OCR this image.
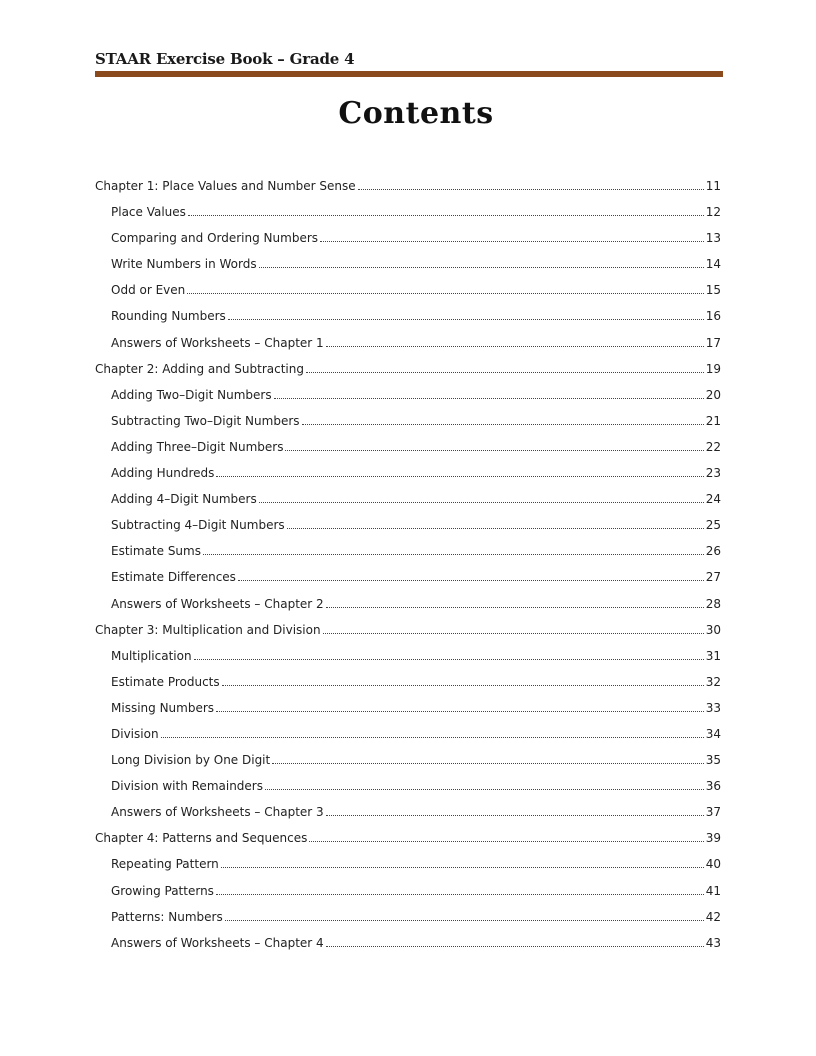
STAAR Exercise Book – Grade 4
Contents
Chapter 1: Place Values and Number Sense	11
Place Values	12
Comparing and Ordering Numbers	13
Write Numbers in Words	14
Odd or Even	15
Rounding Numbers	16
Answers of Worksheets – Chapter 1	17
Chapter 2: Adding and Subtracting	19
Adding Two–Digit Numbers	20
Subtracting Two–Digit Numbers	21
Adding Three–Digit Numbers	22
Adding Hundreds	23
Adding 4–Digit Numbers	24
Subtracting 4–Digit Numbers	25
Estimate Sums	26
Estimate Differences	27
Answers of Worksheets – Chapter 2	28
Chapter 3: Multiplication and Division	30
Multiplication	31
Estimate Products	32
Missing Numbers	33
Division	34
Long Division by One Digit	35
Division with Remainders	36
Answers of Worksheets – Chapter 3	37
Chapter 4: Patterns and Sequences	39
Repeating Pattern	40
Growing Patterns	41
Patterns: Numbers	42
Answers of Worksheets – Chapter 4	43
